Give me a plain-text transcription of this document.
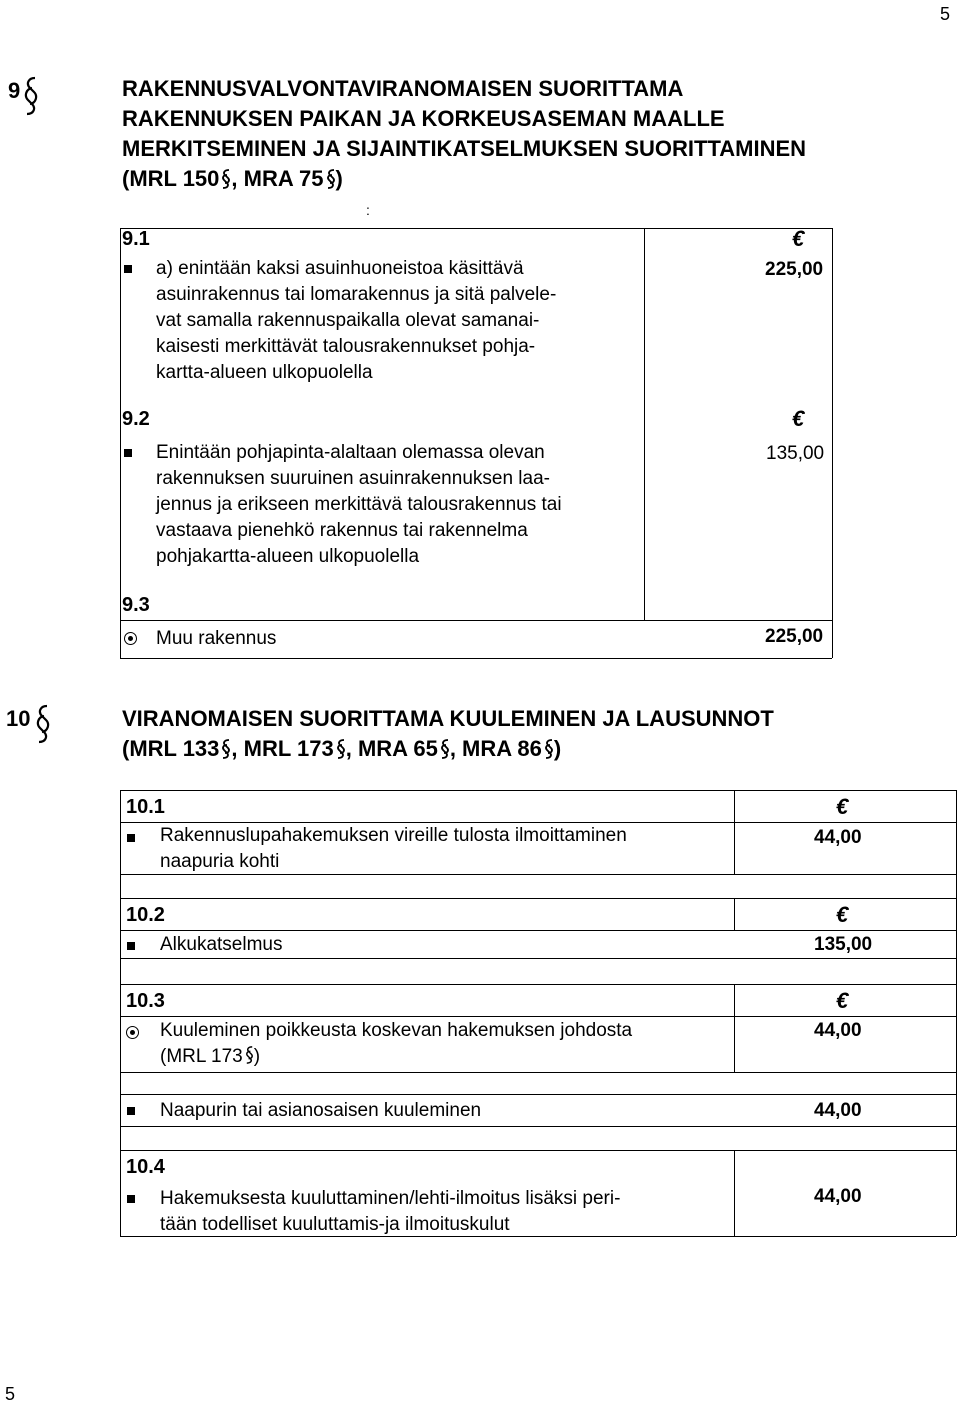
5
9	RAKENNUSVALVONTAVIRANOMAISEN SUORITTAMA
RAKENNUKSEN PAIKAN JA KORKEUSASEMAN MAALLE
MERKITSEMINEN JA SIJAINTIKATSELMUKSEN SUORITTAMINEN
(MRL 150 , MRA 75 )
:
9.1	€
a) enintään kaksi asuinhuoneistoa käsittävä
asuinrakennus tai lomarakennus ja sitä palvele-
vat samalla rakennuspaikalla olevat samanai-
kaisesti merkittävät talousrakennukset pohja-
kartta-alueen ulkopuolella
225,00
9.2	€
Enintään pohjapinta-alaltaan olemassa olevan
rakennuksen suuruinen asuinrakennuksen laa-
jennus ja erikseen merkittävä talousrakennus tai
vastaava pienehkö rakennus tai rakennelma
pohjakartta-alueen ulkopuolella
135,00
9.3
Muu rakennus	225,00
10	VIRANOMAISEN SUORITTAMA KUULEMINEN JA LAUSUNNOT
(MRL 133 , MRL 173 , MRA 65 , MRA 86 )
10.1	€
Rakennuslupahakemuksen vireille tulosta ilmoittaminen
naapuria kohti
44,00
10.2	€
Alkukatselmus	135,00
10.3	€
Kuuleminen poikkeusta koskevan hakemuksen johdosta
(MRL 173 )
44,00
Naapurin tai asianosaisen kuuleminen	44,00
10.4
Hakemuksesta kuuluttaminen/lehti-ilmoitus lisäksi peri-
tään todelliset kuuluttamis-ja ilmoituskulut
44,00
5
